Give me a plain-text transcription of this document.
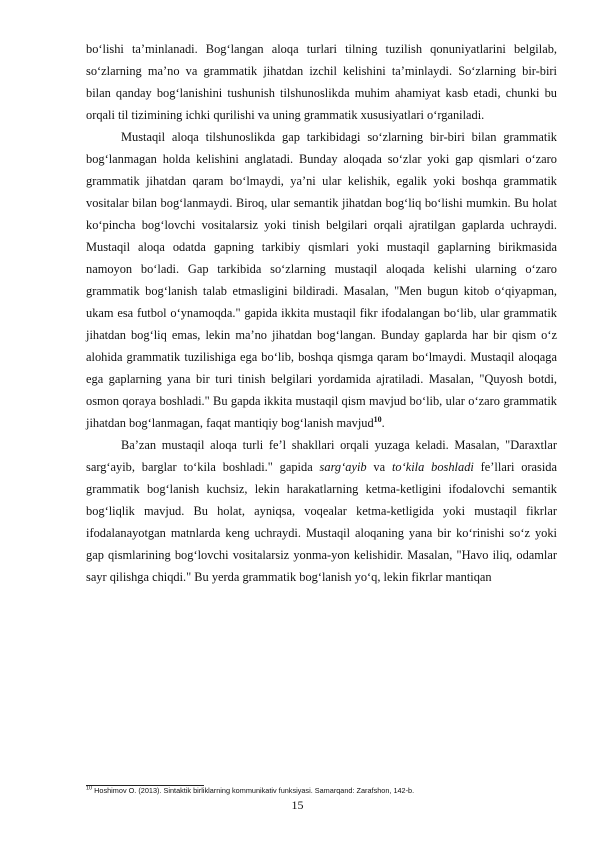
bo‘lishi ta’minlanadi. Bog‘langan aloqa turlari tilning tuzilish qonuniyatlarini belgilab, so‘zlarning ma’no va grammatik jihatdan izchil kelishini ta’minlaydi. So‘zlarning bir-biri bilan qanday bog‘lanishini tushunish tilshunoslikda muhim ahamiyat kasb etadi, chunki bu orqali til tizimining ichki qurilishi va uning grammatik xususiyatlari o‘rganiladi.

Mustaqil aloqa tilshunoslikda gap tarkibidagi so‘zlarning bir-biri bilan grammatik bog‘lanmagan holda kelishini anglatadi. Bunday aloqada so‘zlar yoki gap qismlari o‘zaro grammatik jihatdan qaram bo‘lmaydi, ya’ni ular kelishik, egalik yoki boshqa grammatik vositalar bilan bog‘lanmaydi. Biroq, ular semantik jihatdan bog‘liq bo‘lishi mumkin. Bu holat ko‘pincha bog‘lovchi vositalarsiz yoki tinish belgilari orqali ajratilgan gaplarda uchraydi. Mustaqil aloqa odatda gapning tarkibiy qismlari yoki mustaqil gaplarning birikmasida namoyon bo‘ladi. Gap tarkibida so‘zlarning mustaqil aloqada kelishi ularning o‘zaro grammatik bog‘lanish talab etmasligini bildiradi. Masalan, "Men bugun kitob o‘qiyapman, ukam esa futbol o‘ynamoqda." gapida ikkita mustaqil fikr ifodalangan bo‘lib, ular grammatik jihatdan bog‘liq emas, lekin ma’no jihatdan bog‘langan. Bunday gaplarda har bir qism o‘z alohida grammatik tuzilishiga ega bo‘lib, boshqa qismga qaram bo‘lmaydi. Mustaqil aloqaga ega gaplarning yana bir turi tinish belgilari yordamida ajratiladi. Masalan, "Quyosh botdi, osmon qoraya boshladi." Bu gapda ikkita mustaqil qism mavjud bo‘lib, ular o‘zaro grammatik jihatdan bog‘lanmagan, faqat mantiqiy bog‘lanish mavjud$^{10}$.

Ba’zan mustaqil aloqa turli fe’l shakllari orqali yuzaga keladi. Masalan, "Daraxtlar sarg‘ayib, barglar to‘kila boshladi." gapida sarg‘ayib va to‘kila boshladi fe’llari orasida grammatik bog‘lanish kuchsiz, lekin harakatlarning ketma-ketligini ifodalovchi semantik bog‘liqlik mavjud. Bu holat, ayniqsa, voqealar ketma-ketligida yoki mustaqil fikrlar ifodalanayotgan matnlarda keng uchraydi. Mustaqil aloqaning yana bir ko‘rinishi so‘z yoki gap qismlarining bog‘lovchi vositalarsiz yonma-yon kelishidir. Masalan, "Havo iliq, odamlar sayr qilishga chiqdi." Bu yerda grammatik bog‘lanish yo‘q, lekin fikrlar mantiqan

$^{10}$ Hoshimov O. (2013). Sintaktik birliklarning kommunikativ funksiyasi. Samarqand: Zarafshon, 142-b.
15
